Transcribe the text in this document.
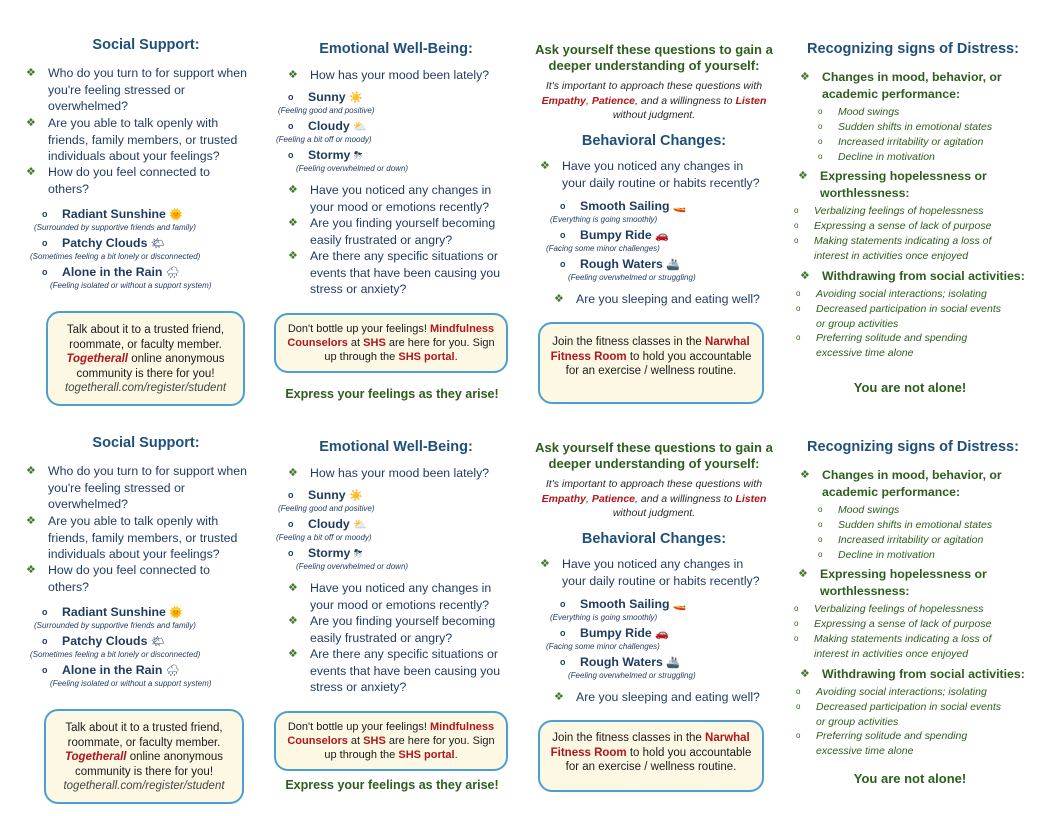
Social Support:
❖ Who do you turn to for support when you're feeling stressed or overwhelmed?
❖ Are you able to talk openly with friends, family members, or trusted individuals about your feelings?
❖ How do you feel connected to others?
o Radiant Sunshine 🌞
(Surrounded by supportive friends and family)
o Patchy Clouds 🌤
(Sometimes feeling a bit lonely or disconnected)
o Alone in the Rain 🌧
(Feeling isolated or without a support system)
Talk about it to a trusted friend, roommate, or faculty member. Togetherall online anonymous community is there for you!
togetherall.com/register/student
Emotional Well-Being:
❖ How has your mood been lately?
o Sunny ☀️
(Feeling good and positive)
o Cloudy ⛅
(Feeling a bit off or moody)
o Stormy ⛈
(Feeling overwhelmed or down)
❖ Have you noticed any changes in your mood or emotions recently?
❖ Are you finding yourself becoming easily frustrated or angry?
❖ Are there any specific situations or events that have been causing you stress or anxiety?
Don't bottle up your feelings! Mindfulness Counselors at SHS are here for you. Sign up through the SHS portal.
Express your feelings as they arise!
Ask yourself these questions to gain a deeper understanding of yourself:
It's important to approach these questions with Empathy, Patience, and a willingness to Listen without judgment.
Behavioral Changes:
❖ Have you noticed any changes in your daily routine or habits recently?
o Smooth Sailing 🚤
(Everything is going smoothly)
o Bumpy Ride 🚗
(Facing some minor challenges)
o Rough Waters 🚢
(Feeling overwhelmed or struggling)
❖ Are you sleeping and eating well?
Join the fitness classes in the Narwhal Fitness Room to hold you accountable for an exercise / wellness routine.
Recognizing signs of Distress:
❖ Changes in mood, behavior, or academic performance:
o Mood swings
o Sudden shifts in emotional states
o Increased irritability or agitation
o Decline in motivation
❖ Expressing hopelessness or worthlessness:
o Verbalizing feelings of hopelessness
o Expressing a sense of lack of purpose
o Making statements indicating a loss of interest in activities once enjoyed
❖ Withdrawing from social activities:
o Avoiding social interactions; isolating
o Decreased participation in social events or group activities
o Preferring solitude and spending excessive time alone
You are not alone!
Social Support:
❖ Who do you turn to for support when you're feeling stressed or overwhelmed?
❖ Are you able to talk openly with friends, family members, or trusted individuals about your feelings?
❖ How do you feel connected to others?
o Radiant Sunshine 🌞
(Surrounded by supportive friends and family)
o Patchy Clouds 🌤
(Sometimes feeling a bit lonely or disconnected)
o Alone in the Rain 🌧
(Feeling isolated or without a support system)
Talk about it to a trusted friend, roommate, or faculty member. Togetherall online anonymous community is there for you!
togetherall.com/register/student
Emotional Well-Being:
❖ How has your mood been lately?
o Sunny ☀️
(Feeling good and positive)
o Cloudy ⛅
(Feeling a bit off or moody)
o Stormy ⛈
(Feeling overwhelmed or down)
❖ Have you noticed any changes in your mood or emotions recently?
❖ Are you finding yourself becoming easily frustrated or angry?
❖ Are there any specific situations or events that have been causing you stress or anxiety?
Don't bottle up your feelings! Mindfulness Counselors at SHS are here for you. Sign up through the SHS portal.
Express your feelings as they arise!
Ask yourself these questions to gain a deeper understanding of yourself:
It's important to approach these questions with Empathy, Patience, and a willingness to Listen without judgment.
Behavioral Changes:
❖ Have you noticed any changes in your daily routine or habits recently?
o Smooth Sailing 🚤
(Everything is going smoothly)
o Bumpy Ride 🚗
(Facing some minor challenges)
o Rough Waters 🚢
(Feeling overwhelmed or struggling)
❖ Are you sleeping and eating well?
Join the fitness classes in the Narwhal Fitness Room to hold you accountable for an exercise / wellness routine.
Recognizing signs of Distress:
❖ Changes in mood, behavior, or academic performance:
o Mood swings
o Sudden shifts in emotional states
o Increased irritability or agitation
o Decline in motivation
❖ Expressing hopelessness or worthlessness:
o Verbalizing feelings of hopelessness
o Expressing a sense of lack of purpose
o Making statements indicating a loss of interest in activities once enjoyed
❖ Withdrawing from social activities:
o Avoiding social interactions; isolating
o Decreased participation in social events or group activities
o Preferring solitude and spending excessive time alone
You are not alone!
